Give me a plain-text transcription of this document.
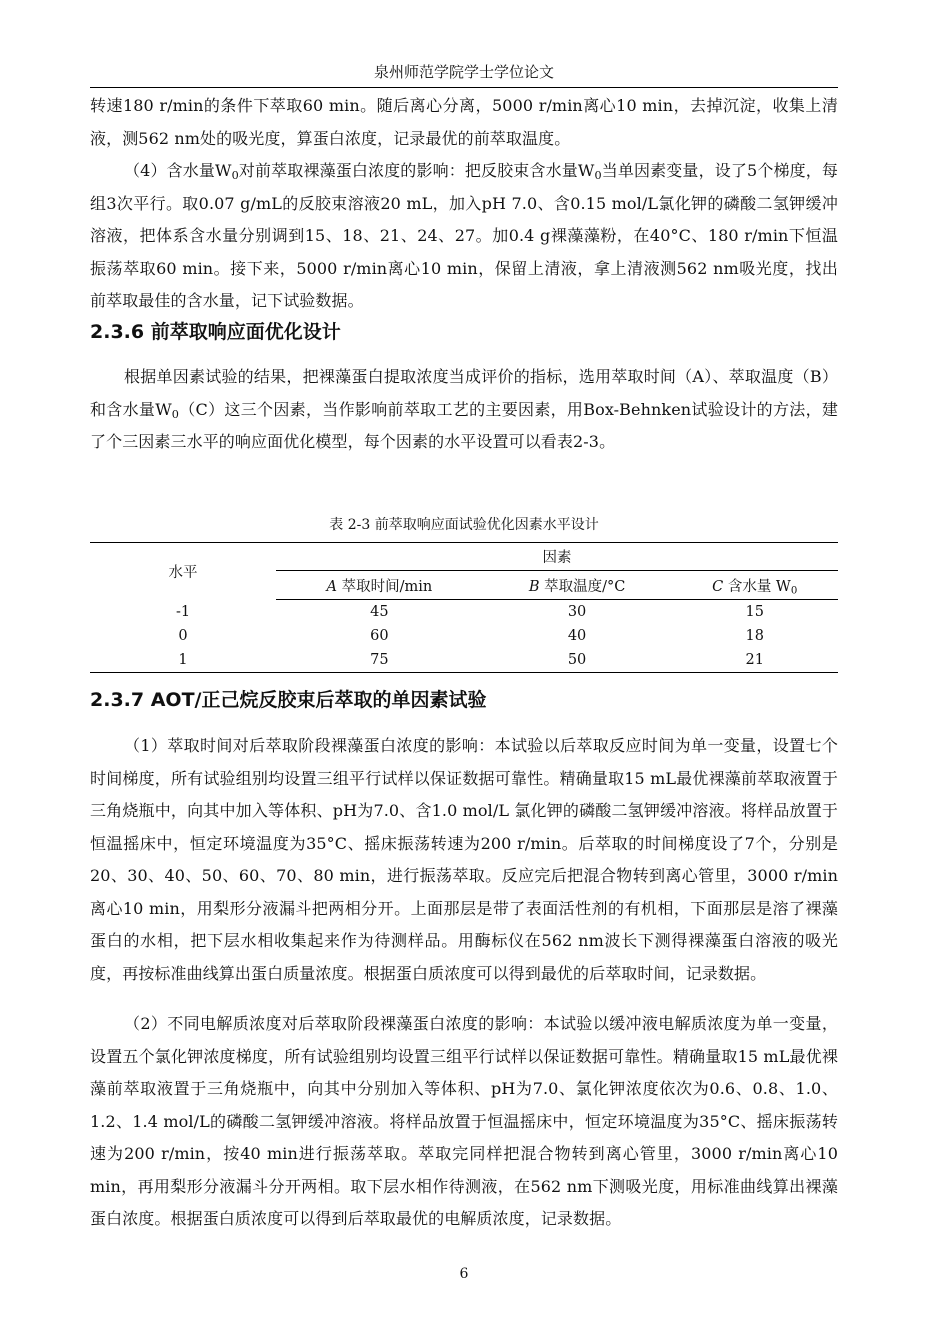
泉州师范学院学士学位论文

转速180 r/min的条件下萃取60 min。随后离心分离，5000 r/min离心10 min，去掉沉淀，收集上清液，测562 nm处的吸光度，算蛋白浓度，记录最优的前萃取温度。

（4）含水量$W_0$对前萃取裸藻蛋白浓度的影响：把反胶束含水量$W_0$当单因素变量，设了5个梯度，每组3次平行。取0.07 g/mL的反胶束溶液20 mL，加入pH 7.0、含0.15 mol/L氯化钾的磷酸二氢钾缓冲溶液，把体系含水量分别调到15、18、21、24、27。加0.4 g裸藻藻粉，在40°C、180 r/min下恒温振荡萃取60 min。接下来，5000 r/min离心10 min，保留上清液，拿上清液测562 nm吸光度，找出前萃取最佳的含水量，记下试验数据。

2.3.6 前萃取响应面优化设计

根据单因素试验的结果，把裸藻蛋白提取浓度当成评价的指标，选用萃取时间（A）、萃取温度（B）和含水量$W_0(C)$这三个因素，当作影响前萃取工艺的主要因素，用Box-Behnken试验设计的方法，建了个三因素三水平的响应面优化模型，每个因素的水平设置可以看表2-3。

表 2-3 前萃取响应面试验优化因素水平设计
水平	因素		
	A 萃取时间/min	B 萃取温度/°C	C 含水量 $W_0$
-1	45	30	15
0	60	40	18
1	75	50	21
2.3.7 AOT/正己烷反胶束后萃取的单因素试验

（1）萃取时间对后萃取阶段裸藻蛋白浓度的影响：本试验以后萃取反应时间为单一变量，设置七个时间梯度，所有试验组别均设置三组平行试样以保证数据可靠性。精确量取15 mL最优裸藻前萃取液置于三角烧瓶中，向其中加入等体积、pH为7.0、含1.0 mol/L 氯化钾的磷酸二氢钾缓冲溶液。将样品放置于恒温摇床中，恒定环境温度为35°C、摇床振荡转速为200 r/min。后萃取的时间梯度设了7个，分别是20、30、40、50、60、70、80 min，进行振荡萃取。反应完后把混合物转到离心管里，3000 r/min离心10 min，用梨形分液漏斗把两相分开。上面那层是带了表面活性剂的有机相，下面那层是溶了裸藻蛋白的水相，把下层水相收集起来作为待测样品。用酶标仪在562 nm波长下测得裸藻蛋白溶液的吸光度，再按标准曲线算出蛋白质量浓度。根据蛋白质浓度可以得到最优的后萃取时间，记录数据。

（2）不同电解质浓度对后萃取阶段裸藻蛋白浓度的影响：本试验以缓冲液电解质浓度为单一变量，设置五个氯化钾浓度梯度，所有试验组别均设置三组平行试样以保证数据可靠性。精确量取15 mL最优裸藻前萃取液置于三角烧瓶中，向其中分别加入等体积、pH为7.0、氯化钾浓度依次为0.6、0.8、1.0、1.2、1.4 mol/L的磷酸二氢钾缓冲溶液。将样品放置于恒温摇床中，恒定环境温度为35°C、摇床振荡转速为200 r/min，按40 min进行振荡萃取。萃取完同样把混合物转到离心管里，3000 r/min离心10 min，再用梨形分液漏斗分开两相。取下层水相作待测液，在562 nm下测吸光度，用标准曲线算出裸藻蛋白浓度。根据蛋白质浓度可以得到后萃取最优的电解质浓度，记录数据。

6
